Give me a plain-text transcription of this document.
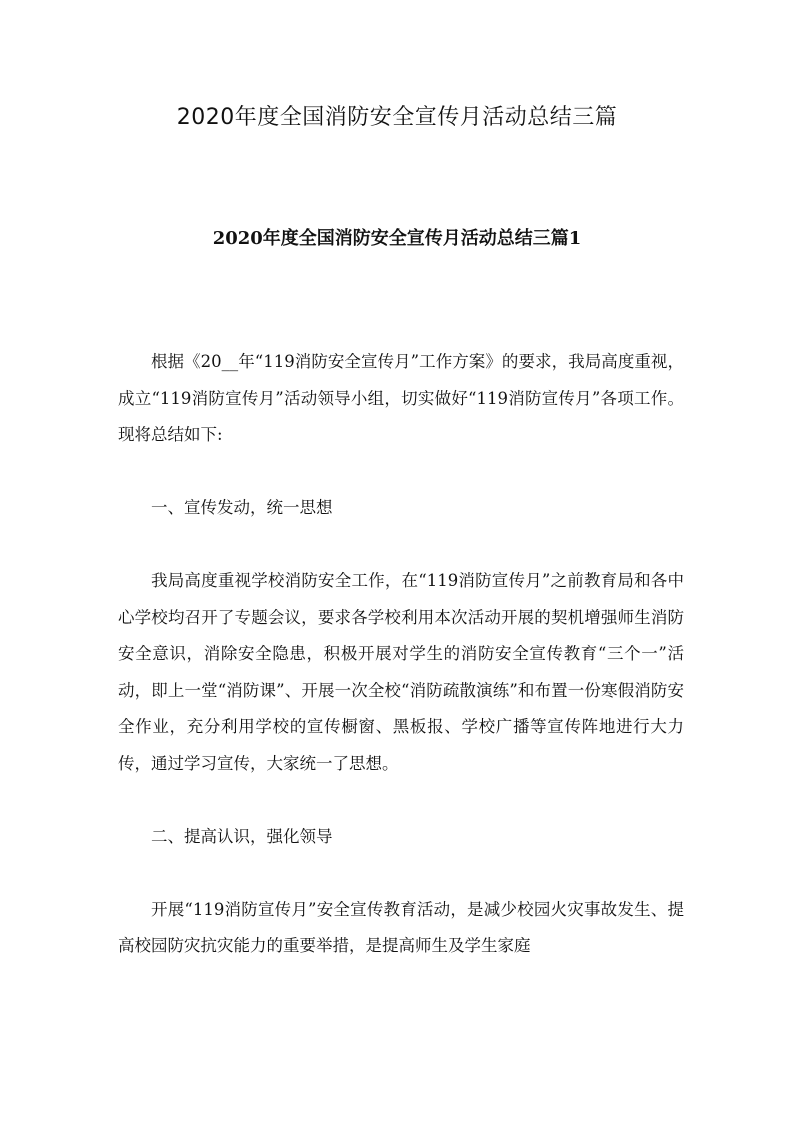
2020年度全国消防安全宣传月活动总结三篇
2020年度全国消防安全宣传月活动总结三篇1

根据《20__年“119消防安全宣传月”工作方案》的要求，我局高度重视，成立“119消防宣传月”活动领导小组，切实做好“119消防宣传月”各项工作。现将总结如下:

一、宣传发动，统一思想

我局高度重视学校消防安全工作，在“119消防宣传月”之前教育局和各中心学校均召开了专题会议，要求各学校利用本次活动开展的契机增强师生消防安全意识，消除安全隐患，积极开展对学生的消防安全宣传教育“三个一”活动，即上一堂“消防课”、开展一次全校“消防疏散演练”和布置一份寒假消防安全作业，充分利用学校的宣传橱窗、黑板报、学校广播等宣传阵地进行大力传，通过学习宣传，大家统一了思想。

二、提高认识，强化领导

开展“119消防宣传月”安全宣传教育活动，是减少校园火灾事故发生、提高校园防灾抗灾能力的重要举措，是提高师生及学生家庭
